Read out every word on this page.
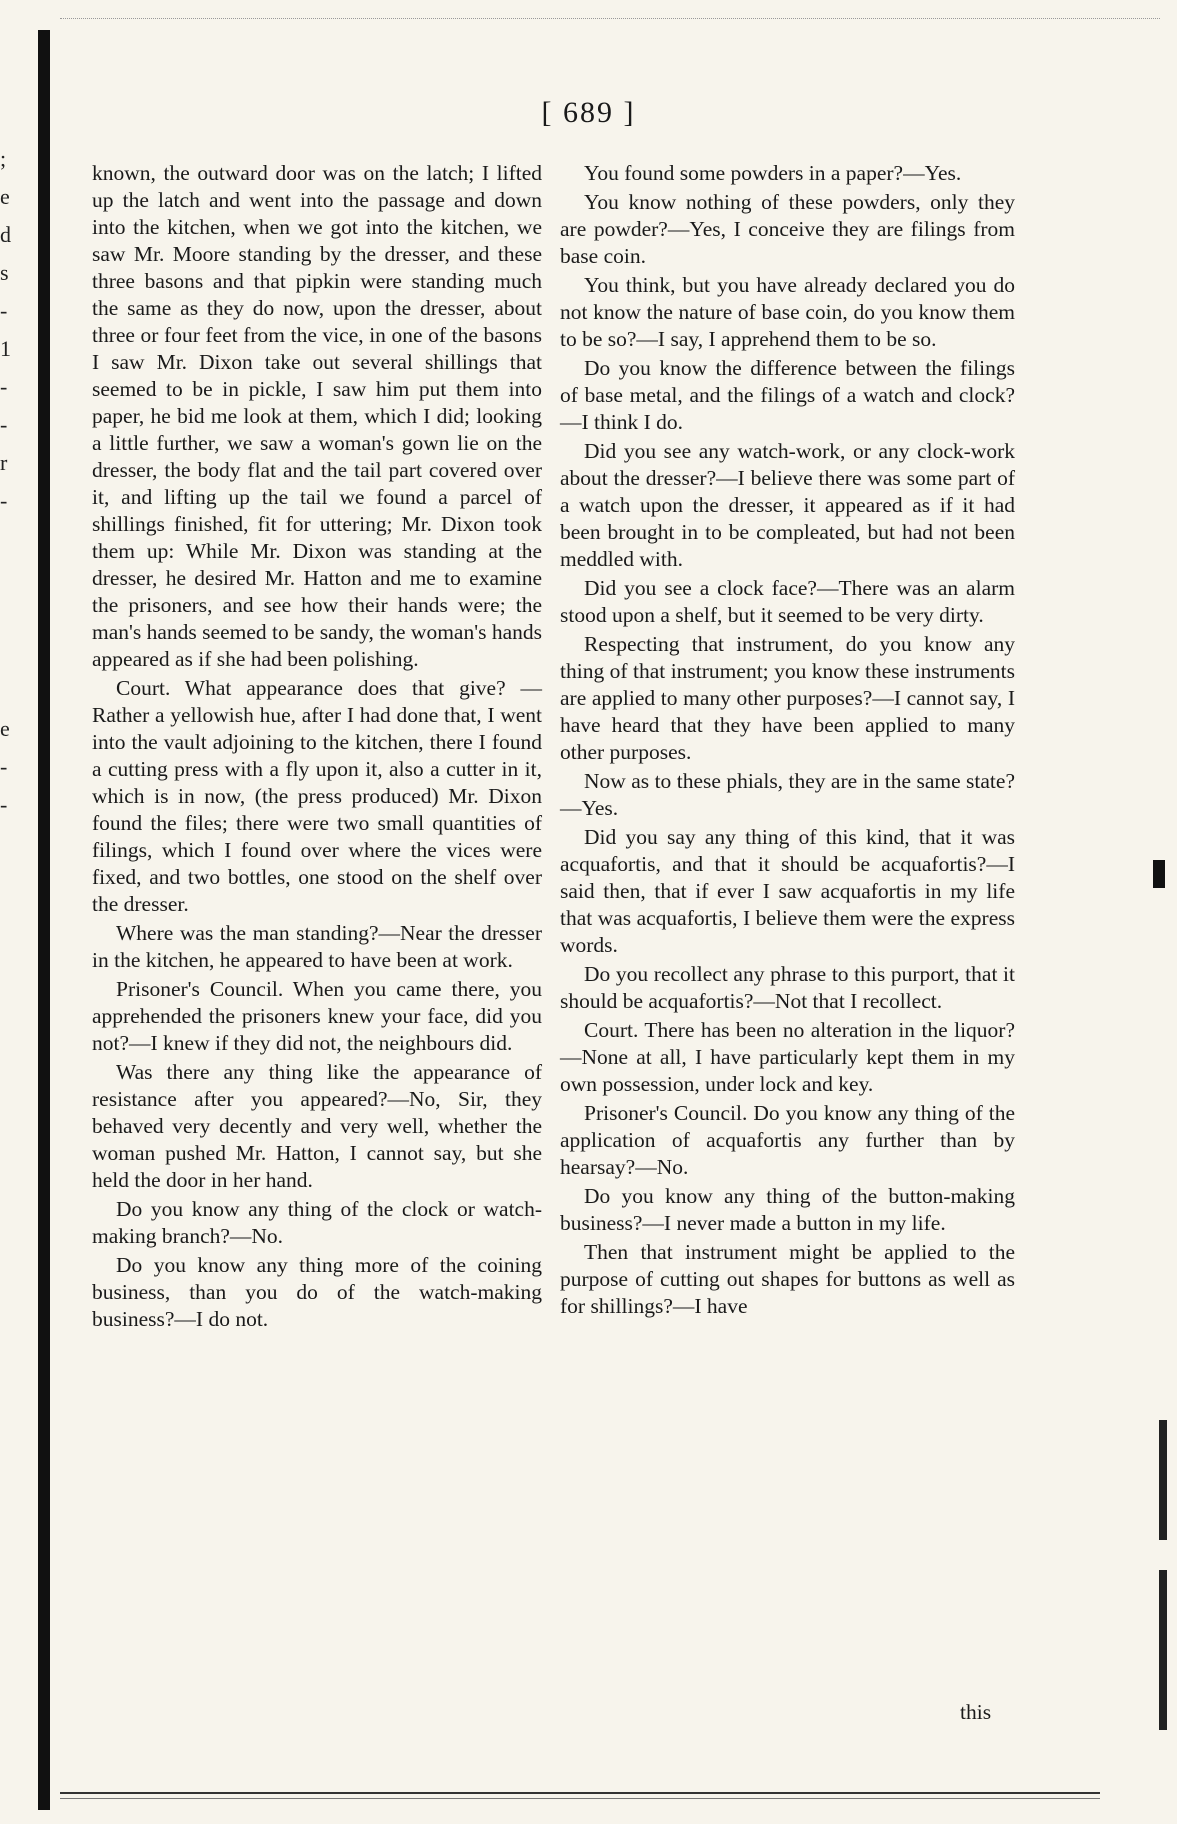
;
e
d
s
-
1
-
-
r
-
e
-
-
[ 689 ]

known, the outward door was on the latch; I lifted up the latch and went into the passage and down into the kitchen, when we got into the kitchen, we saw Mr. Moore standing by the dresser, and these three basons and that pipkin were standing much the same as they do now, upon the dresser, about three or four feet from the vice, in one of the basons I saw Mr. Dixon take out several shillings that seemed to be in pickle, I saw him put them into paper, he bid me look at them, which I did; looking a little further, we saw a woman's gown lie on the dresser, the body flat and the tail part covered over it, and lifting up the tail we found a parcel of shillings finished, fit for uttering; Mr. Dixon took them up: While Mr. Dixon was standing at the dresser, he desired Mr. Hatton and me to examine the prisoners, and see how their hands were; the man's hands seemed to be sandy, the woman's hands appeared as if she had been polishing.

Court. What appearance does that give? —Rather a yellowish hue, after I had done that, I went into the vault adjoining to the kitchen, there I found a cutting press with a fly upon it, also a cutter in it, which is in now, (the press produced) Mr. Dixon found the files; there were two small quantities of filings, which I found over where the vices were fixed, and two bottles, one stood on the shelf over the dresser.

Where was the man standing?—Near the dresser in the kitchen, he appeared to have been at work.

Prisoner's Council. When you came there, you apprehended the prisoners knew your face, did you not?—I knew if they did not, the neighbours did.

Was there any thing like the appearance of resistance after you appeared?—No, Sir, they behaved very decently and very well, whether the woman pushed Mr. Hatton, I cannot say, but she held the door in her hand.

Do you know any thing of the clock or watch-making branch?—No.

Do you know any thing more of the coining business, than you do of the watch-making business?—I do not.

You found some powders in a paper?—Yes.

You know nothing of these powders, only they are powder?—Yes, I conceive they are filings from base coin.

You think, but you have already declared you do not know the nature of base coin, do you know them to be so?—I say, I apprehend them to be so.

Do you know the difference between the filings of base metal, and the filings of a watch and clock?—I think I do.

Did you see any watch-work, or any clock-work about the dresser?—I believe there was some part of a watch upon the dresser, it appeared as if it had been brought in to be compleated, but had not been meddled with.

Did you see a clock face?—There was an alarm stood upon a shelf, but it seemed to be very dirty.

Respecting that instrument, do you know any thing of that instrument; you know these instruments are applied to many other purposes?—I cannot say, I have heard that they have been applied to many other purposes.

Now as to these phials, they are in the same state?—Yes.

Did you say any thing of this kind, that it was acquafortis, and that it should be acquafortis?—I said then, that if ever I saw acquafortis in my life that was acquafortis, I believe them were the express words.

Do you recollect any phrase to this purport, that it should be acquafortis?—Not that I recollect.

Court. There has been no alteration in the liquor?—None at all, I have particularly kept them in my own possession, under lock and key.

Prisoner's Council. Do you know any thing of the application of acquafortis any further than by hearsay?—No.

Do you know any thing of the button-making business?—I never made a button in my life.

Then that instrument might be applied to the purpose of cutting out shapes for buttons as well as for shillings?—I have

this
